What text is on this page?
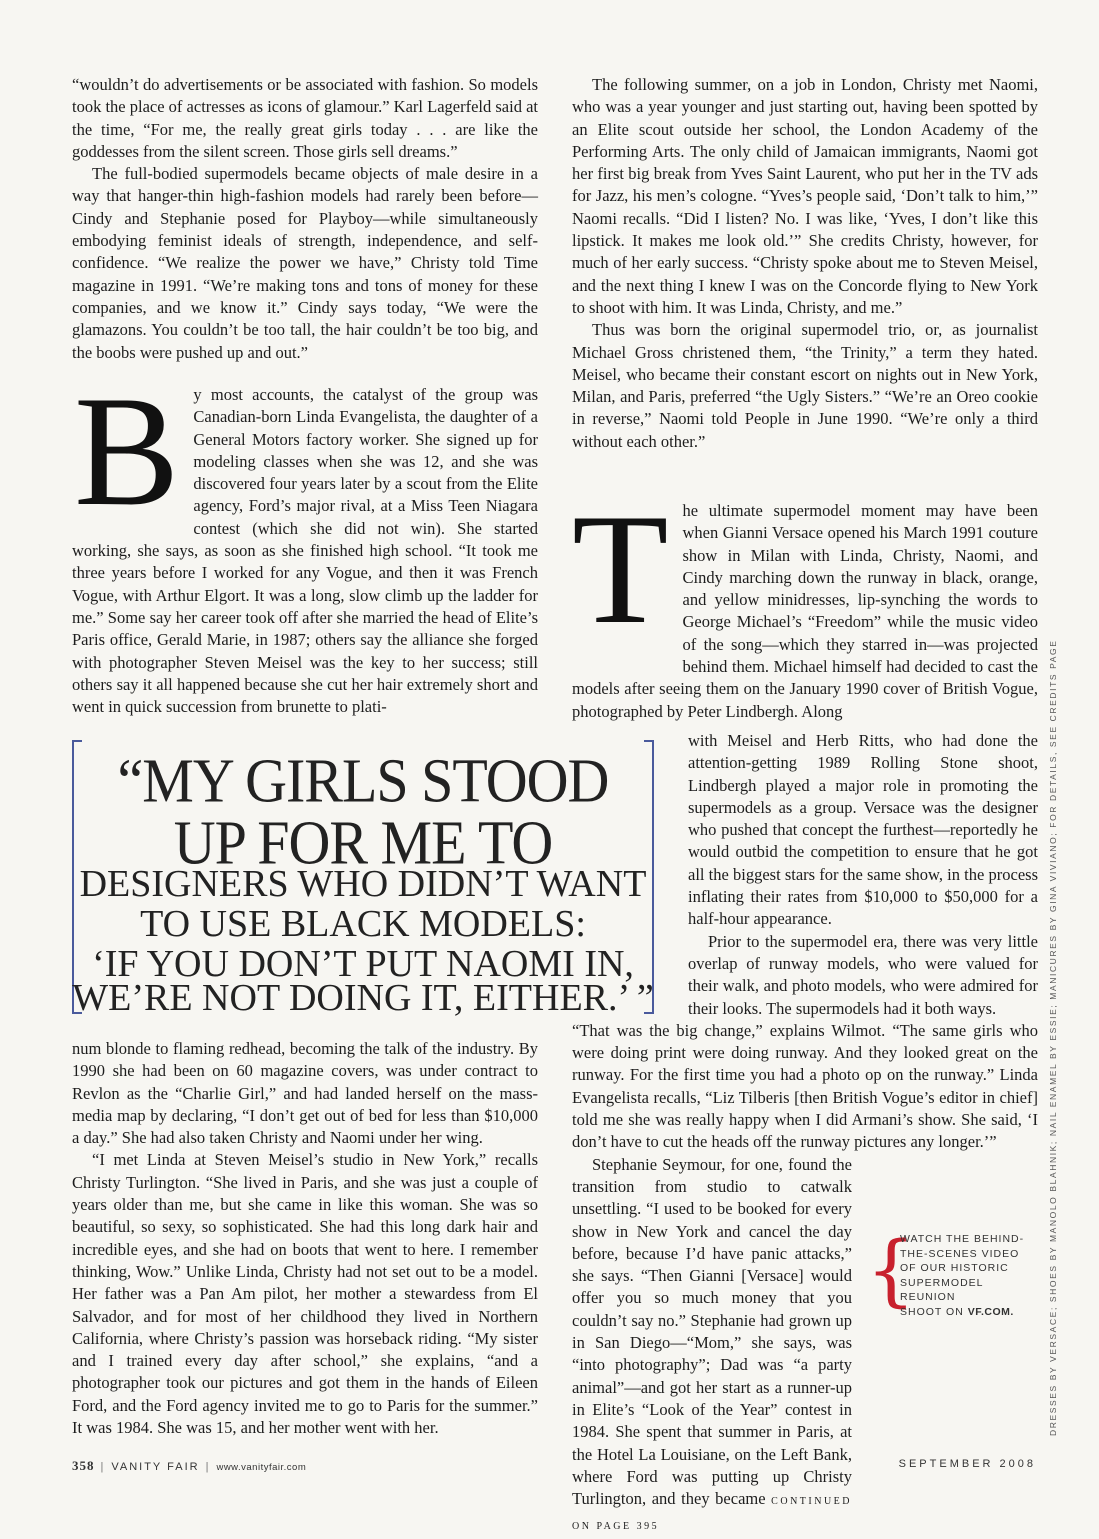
“wouldn’t do advertisements or be associated with fashion. So models took the place of actresses as icons of glamour.” Karl Lagerfeld said at the time, “For me, the really great girls today . . . are like the goddesses from the silent screen. Those girls sell dreams.”

The full-bodied supermodels became objects of male desire in a way that hanger-thin high-fashion models had rarely been before—Cindy and Stephanie posed for Playboy—while simultaneously embodying feminist ideals of strength, independence, and self-confidence. “We realize the power we have,” Christy told Time magazine in 1991. “We’re making tons and tons of money for these companies, and we know it.” Cindy says today, “We were the glamazons. You couldn’t be too tall, the hair couldn’t be too big, and the boobs were pushed up and out.”

B y most accounts, the catalyst of the group was Canadian-born Linda Evangelista, the daughter of a General Motors factory worker. She signed up for modeling classes when she was 12, and she was discovered four years later by a scout from the Elite agency, Ford’s major rival, at a Miss Teen Niagara contest (which she did not win). She started working, she says, as soon as she finished high school. “It took me three years before I worked for any Vogue, and then it was French Vogue, with Arthur Elgort. It was a long, slow climb up the ladder for me.” Some say her career took off after she married the head of Elite’s Paris office, Gerald Marie, in 1987; others say the alliance she forged with photographer Steven Meisel was the key to her success; still others say it all happened because she cut her hair extremely short and went in quick succession from brunette to plati-

“MY GIRLS STOOD
UP FOR ME TO
DESIGNERS WHO DIDN’T WANT
TO USE BLACK MODELS:
‘IF YOU DON’T PUT NAOMI IN,
WE’RE NOT DOING IT, EITHER.’ ”

num blonde to flaming redhead, becoming the talk of the industry. By 1990 she had been on 60 magazine covers, was under contract to Revlon as the “Charlie Girl,” and had landed herself on the mass-media map by declaring, “I don’t get out of bed for less than $10,000 a day.” She had also taken Christy and Naomi under her wing.

“I met Linda at Steven Meisel’s studio in New York,” recalls Christy Turlington. “She lived in Paris, and she was just a couple of years older than me, but she came in like this woman. She was so beautiful, so sexy, so sophisticated. She had this long dark hair and incredible eyes, and she had on boots that went to here. I remember thinking, Wow.” Unlike Linda, Christy had not set out to be a model. Her father was a Pan Am pilot, her mother a stewardess from El Salvador, and for most of her childhood they lived in Northern California, where Christy’s passion was horseback riding. “My sister and I trained every day after school,” she explains, “and a photographer took our pictures and got them in the hands of Eileen Ford, and the Ford agency invited me to go to Paris for the summer.” It was 1984. She was 15, and her mother went with her.

The following summer, on a job in London, Christy met Naomi, who was a year younger and just starting out, having been spotted by an Elite scout outside her school, the London Academy of the Performing Arts. The only child of Jamaican immigrants, Naomi got her first big break from Yves Saint Laurent, who put her in the TV ads for Jazz, his men’s cologne. “Yves’s people said, ‘Don’t talk to him,’” Naomi recalls. “Did I listen? No. I was like, ‘Yves, I don’t like this lipstick. It makes me look old.’” She credits Christy, however, for much of her early success. “Christy spoke about me to Steven Meisel, and the next thing I knew I was on the Concorde flying to New York to shoot with him. It was Linda, Christy, and me.”

Thus was born the original supermodel trio, or, as journalist Michael Gross christened them, “the Trinity,” a term they hated. Meisel, who became their constant escort on nights out in New York, Milan, and Paris, preferred “the Ugly Sisters.” “We’re an Oreo cookie in reverse,” Naomi told People in June 1990. “We’re only a third without each other.”

T he ultimate supermodel moment may have been when Gianni Versace opened his March 1991 couture show in Milan with Linda, Christy, Naomi, and Cindy marching down the runway in black, orange, and yellow minidresses, lip-synching the words to George Michael’s “Freedom” while the music video of the song—which they starred in—was projected behind them. Michael himself had decided to cast the models after seeing them on the January 1990 cover of British Vogue, photographed by Peter Lindbergh. Along

with Meisel and Herb Ritts, who had done the attention-getting 1989 Rolling Stone shoot, Lindbergh played a major role in promoting the supermodels as a group. Versace was the designer who pushed that concept the furthest—reportedly he would outbid the competition to ensure that he got all the biggest stars for the same show, in the process inflating their rates from $10,000 to $50,000 for a half-hour appearance.

Prior to the supermodel era, there was very little overlap of runway models, who were valued for their walk, and photo models, who were admired for their looks. The supermodels had it both ways.

“That was the big change,” explains Wilmot. “The same girls who were doing print were doing runway. And they looked great on the runway. For the first time you had a photo op on the runway.” Linda Evangelista recalls, “Liz Tilberis [then British Vogue’s editor in chief] told me she was really happy when I did Armani’s show. She said, ‘I don’t have to cut the heads off the runway pictures any longer.’”

Stephanie Seymour, for one, found the transition from studio to catwalk unsettling. “I used to be booked for every show in New York and cancel the day before, because I’d have panic attacks,” she says. “Then Gianni [Versace] would offer you so much money that you couldn’t say no.” Stephanie had grown up in San Diego—“Mom,” she says, was “into photography”; Dad was “a party animal”—and got her start as a runner-up in Elite’s “Look of the Year” contest in 1984. She spent that summer in Paris, at the Hotel La Louisiane, on the Left Bank, where Ford was putting up Christy Turlington, and they became CONTINUED ON PAGE 395

{
WATCH THE BEHIND-
THE-SCENES VIDEO
OF OUR HISTORIC
SUPERMODEL REUNION
SHOOT ON VF.COM.	DRESSES BY VERSACE; SHOES BY MANOLO BLAHNIK; NAIL ENAMEL BY ESSIE; MANICURES BY GINA VIVIANO; FOR DETAILS, SEE CREDITS PAGE
358 | VANITY FAIR | www.vanityfair.com	SEPTEMBER 2008
